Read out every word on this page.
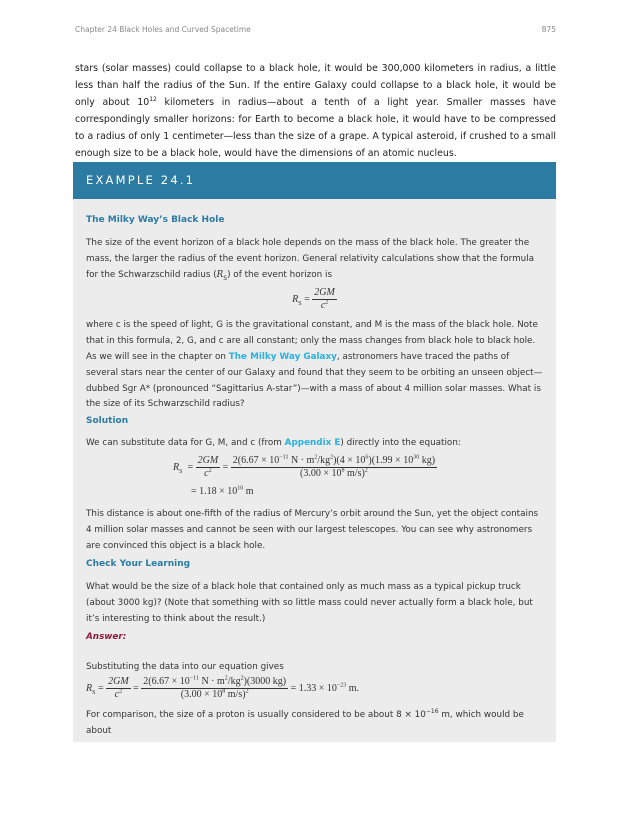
Chapter 24 Black Holes and Curved Spacetime	875
stars (solar masses) could collapse to a black hole, it would be 300,000 kilometers in radius, a little less than half the radius of the Sun. If the entire Galaxy could collapse to a black hole, it would be only about $10^{12}$ kilometers in radius—about a tenth of a light year. Smaller masses have correspondingly smaller horizons: for Earth to become a black hole, it would have to be compressed to a radius of only 1 centimeter—less than the size of a grape. A typical asteroid, if crushed to a small enough size to be a black hole, would have the dimensions of an atomic nucleus.
EXAMPLE 24.1
The Milky Way’s Black Hole
The size of the event horizon of a black hole depends on the mass of the black hole. The greater the mass, the larger the radius of the event horizon. General relativity calculations show that the formula for the Schwarzschild radius $(R_S)$ of the event horizon is
$R_S = \frac{2GM}{c^2}$
where c is the speed of light, G is the gravitational constant, and M is the mass of the black hole. Note that in this formula, 2, G, and c are all constant; only the mass changes from black hole to black hole.
As we will see in the chapter on The Milky Way Galaxy, astronomers have traced the paths of several stars near the center of our Galaxy and found that they seem to be orbiting an unseen object—dubbed Sgr A* (pronounced “Sagittarius A-star”)—with a mass of about 4 million solar masses. What is the size of its Schwarzschild radius?
Solution
We can substitute data for G, M, and c (from Appendix E) directly into the equation:
$R_S = \frac{2GM}{c^2} = \frac{2(6.67 \times 10^{-11} N \cdot m^2/kg^2)(4 \times 10^6)(1.99 \times 10^{30} kg)}{(3.00 \times 10^8 m/s)^2}$
= $1.18 \times 10^{10}$ m
This distance is about one-fifth of the radius of Mercury’s orbit around the Sun, yet the object contains 4 million solar masses and cannot be seen with our largest telescopes. You can see why astronomers are convinced this object is a black hole.
Check Your Learning
What would be the size of a black hole that contained only as much mass as a typical pickup truck (about 3000 kg)? (Note that something with so little mass could never actually form a black hole, but it’s interesting to think about the result.)
Answer:
Substituting the data into our equation gives
$R_S = \frac{2GM}{c^2} = \frac{2(6.67 \times 10^{-11} N \cdot m^2/kg^2)(3000 kg)}{(3.00 \times 10^8 m/s)^2} = 1.33 \times 10^{-23}$ m.
For comparison, the size of a proton is usually considered to be about $8 \times 10^{-16}$ m, which would be about
